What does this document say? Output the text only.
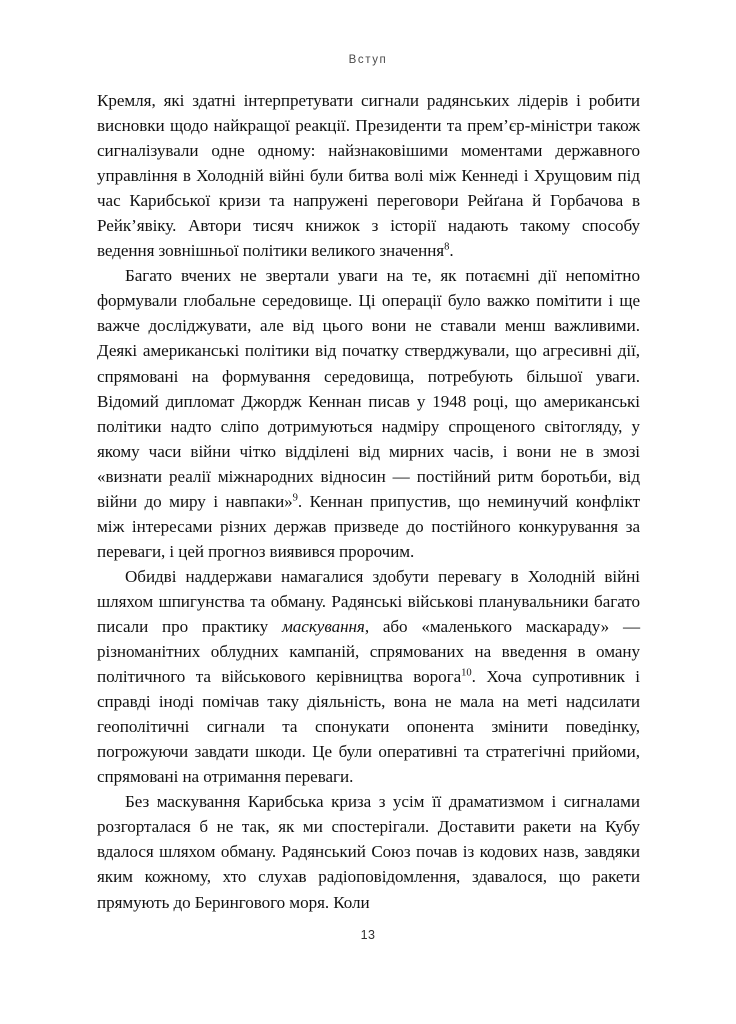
Вступ

Кремля, які здатні інтерпретувати сигнали радянських лідерів і робити висновки щодо найкращої реакції. Президенти та прем’єр-міністри також сигналізували одне одному: найзнаковішими моментами державного управління в Холодній війні були битва волі між Кеннеді і Хрущовим під час Карибської кризи та напружені переговори Рейґана й Горбачова в Рейк’явіку. Автори тисяч книжок з історії надають такому способу ведення зовнішньої політики великого значення$^8$.

Багато вчених не звертали уваги на те, як потаємні дії непомітно формували глобальне середовище. Ці операції було важко помітити і ще важче досліджувати, але від цього вони не ставали менш важливими. Деякі американські політики від початку стверджували, що агресивні дії, спрямовані на формування середовища, потребують більшої уваги. Відомий дипломат Джордж Кеннан писав у 1948 році, що американські політики надто сліпо дотримуються надміру спрощеного світогляду, у якому часи війни чітко відділені від мирних часів, і вони не в змозі «визнати реалії міжнародних відносин — постійний ритм боротьби, від війни до миру і навпаки»$^9$. Кеннан припустив, що неминучий конфлікт між інтересами різних держав призведе до постійного конкурування за переваги, і цей прогноз виявився пророчим.

Обидві наддержави намагалися здобути перевагу в Холодній війні шляхом шпигунства та обману. Радянські військові планувальники багато писали про практику маскування, або «маленького маскараду» — різноманітних облудних кампаній, спрямованих на введення в оману політичного та військового керівництва ворога$^{10}$. Хоча супротивник і справді іноді помічав таку діяльність, вона не мала на меті надсилати геополітичні сигнали та спонукати опонента змінити поведінку, погрожуючи завдати шкоди. Це були оперативні та стратегічні прийоми, спрямовані на отримання переваги.

Без маскування Карибська криза з усім її драматизмом і сигналами розгорталася б не так, як ми спостерігали. Доставити ракети на Кубу вдалося шляхом обману. Радянський Союз почав із кодових назв, завдяки яким кожному, хто слухав радіоповідомлення, здавалося, що ракети прямують до Берингового моря. Коли

13
